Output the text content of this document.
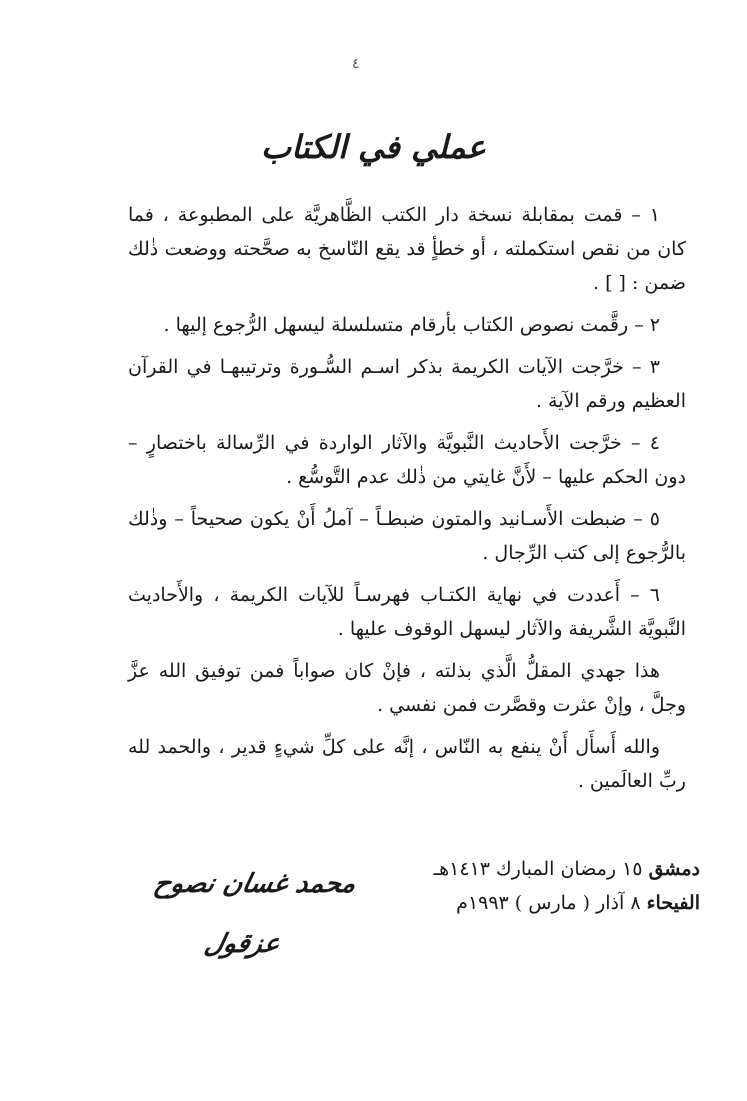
٤
عملي في الكتاب

١ – قمت بمقابلة نسخة دار الكتب الظَّاهريَّة على المطبوعة ، فما كان من نقص استكملته ، أو خطأٍ قد يقع النّاسخ به صحَّحته ووضعت ذٰلك ضمن : [ ] .

٢ – رقَّمت نصوص الكتاب بأرقام متسلسلة ليسهل الرُّجوع إليها .

٣ – خرَّجت الآيات الكريمة بذكر اسـم السُّـورة وترتيبهـا في القرآن العظيم ورقم الآية .

٤ – خرَّجت الأَحاديث النَّبويَّة والآثار الواردة في الرِّسالة باختصارٍ – دون الحكم عليها – لأَنَّ غايتي من ذٰلك عدم التَّوسُّع .

٥ – ضبطت الأَسـانيد والمتون ضبطـاً – آملُ أَنْ يكون صحيحاً – وذٰلك بالرُّجوع إلى كتب الرِّجال .

٦ – أَعددت في نهاية الكتـاب فهرسـاً للآيات الكريمة ، والأَحاديث النَّبويَّة الشَّريفة والآثار ليسهل الوقوف عليها .

هذا جهدي المقلُّ الَّذي بذلته ، فإنْ كان صواباً فمن توفيق الله عزَّ وجلَّ ، وإنْ عثرت وقصَّرت فمن نفسي .

والله أَسأَل أَنْ ينفع به النّاس ، إنَّه على كلِّ شيءٍ قدير ، والحمد لله ربِّ العالَمين .

دمشق ١٥ رمضان المبارك ١٤١٣هـ
الفيحاء ٨ آذار ( مارس ) ١٩٩٣م
محمد غسان نصوح عزقول
